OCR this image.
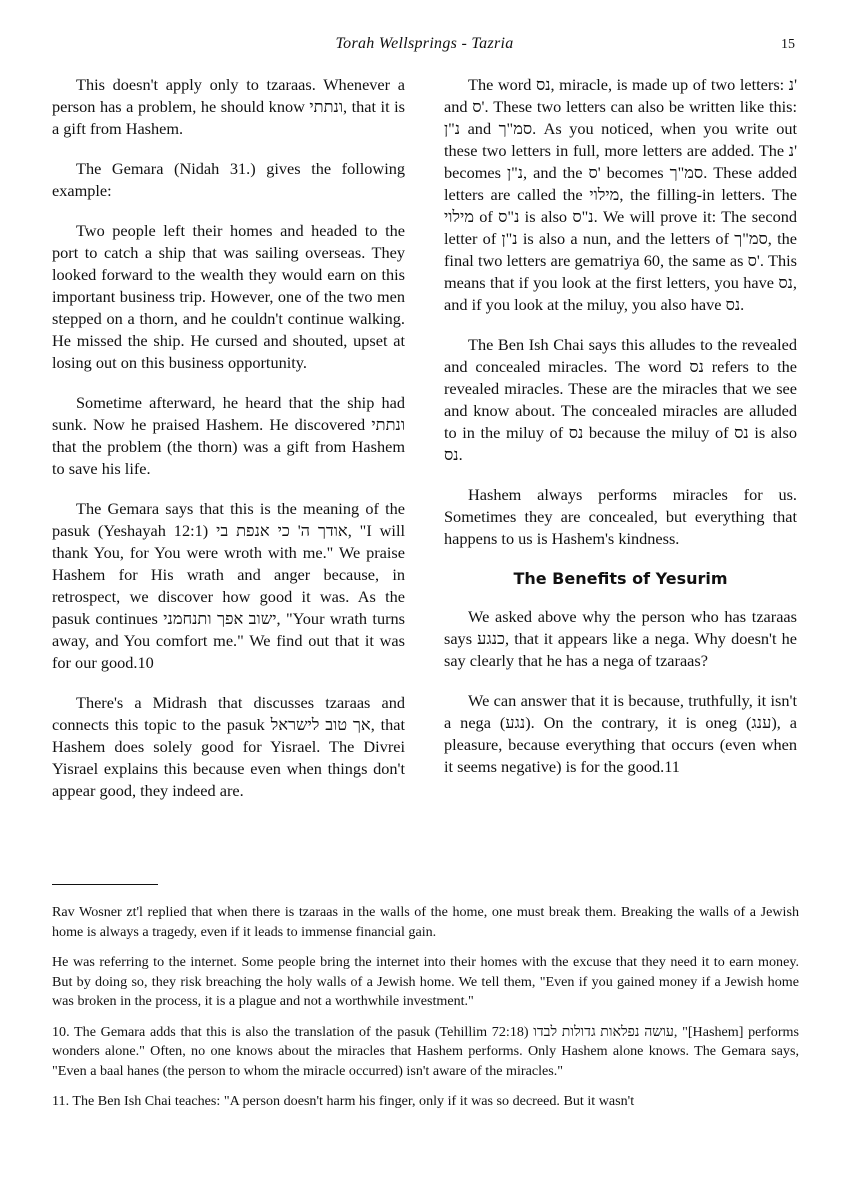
Torah Wellsprings - Tazria	15

This doesn't apply only to tzaraas. Whenever a person has a problem, he should know ונתתי, that it is a gift from Hashem.

The Gemara (Nidah 31.) gives the following example:

Two people left their homes and headed to the port to catch a ship that was sailing overseas. They looked forward to the wealth they would earn on this important business trip. However, one of the two men stepped on a thorn, and he couldn't continue walking. He missed the ship. He cursed and shouted, upset at losing out on this business opportunity.

Sometime afterward, he heard that the ship had sunk. Now he praised Hashem. He discovered ונתתי that the problem (the thorn) was a gift from Hashem to save his life.

The Gemara says that this is the meaning of the pasuk (Yeshayah 12:1) אודך ה' כי אנפת בי, "I will thank You, for You were wroth with me." We praise Hashem for His wrath and anger because, in retrospect, we discover how good it was. As the pasuk continues ישוב אפך ותנחמני, "Your wrath turns away, and You comfort me." We find out that it was for our good.10

There's a Midrash that discusses tzaraas and connects this topic to the pasuk אך טוב לישראל, that Hashem does solely good for Yisrael. The Divrei Yisrael explains this because even when things don't appear good, they indeed are.

The word נס, miracle, is made up of two letters: נ' and ס'. These two letters can also be written like this: נ"ן and סמ"ך. As you noticed, when you write out these two letters in full, more letters are added. The נ' becomes נ"ן, and the ס' becomes סמ"ך. These added letters are called the מילוי, the filling-in letters. The מילוי of נ"ס is also נ"ס. We will prove it: The second letter of נ"ן is also a nun, and the letters of סמ"ך, the final two letters are gematriya 60, the same as ס'. This means that if you look at the first letters, you have נס, and if you look at the miluy, you also have נס.

The Ben Ish Chai says this alludes to the revealed and concealed miracles. The word נס refers to the revealed miracles. These are the miracles that we see and know about. The concealed miracles are alluded to in the miluy of נס because the miluy of נס is also נס.

Hashem always performs miracles for us. Sometimes they are concealed, but everything that happens to us is Hashem's kindness.

The Benefits of Yesurim

We asked above why the person who has tzaraas says כנגע, that it appears like a nega. Why doesn't he say clearly that he has a nega of tzaraas?

We can answer that it is because, truthfully, it isn't a nega (נגע). On the contrary, it is oneg (ענג), a pleasure, because everything that occurs (even when it seems negative) is for the good.11

Rav Wosner zt'l replied that when there is tzaraas in the walls of the home, one must break them. Breaking the walls of a Jewish home is always a tragedy, even if it leads to immense financial gain.

He was referring to the internet. Some people bring the internet into their homes with the excuse that they need it to earn money. But by doing so, they risk breaching the holy walls of a Jewish home. We tell them, "Even if you gained money if a Jewish home was broken in the process, it is a plague and not a worthwhile investment."

10. The Gemara adds that this is also the translation of the pasuk (Tehillim 72:18) עושה נפלאות גדולות לבדו, "[Hashem] performs wonders alone." Often, no one knows about the miracles that Hashem performs. Only Hashem alone knows. The Gemara says, "Even a baal hanes (the person to whom the miracle occurred) isn't aware of the miracles."

11. The Ben Ish Chai teaches: "A person doesn't harm his finger, only if it was so decreed. But it wasn't
